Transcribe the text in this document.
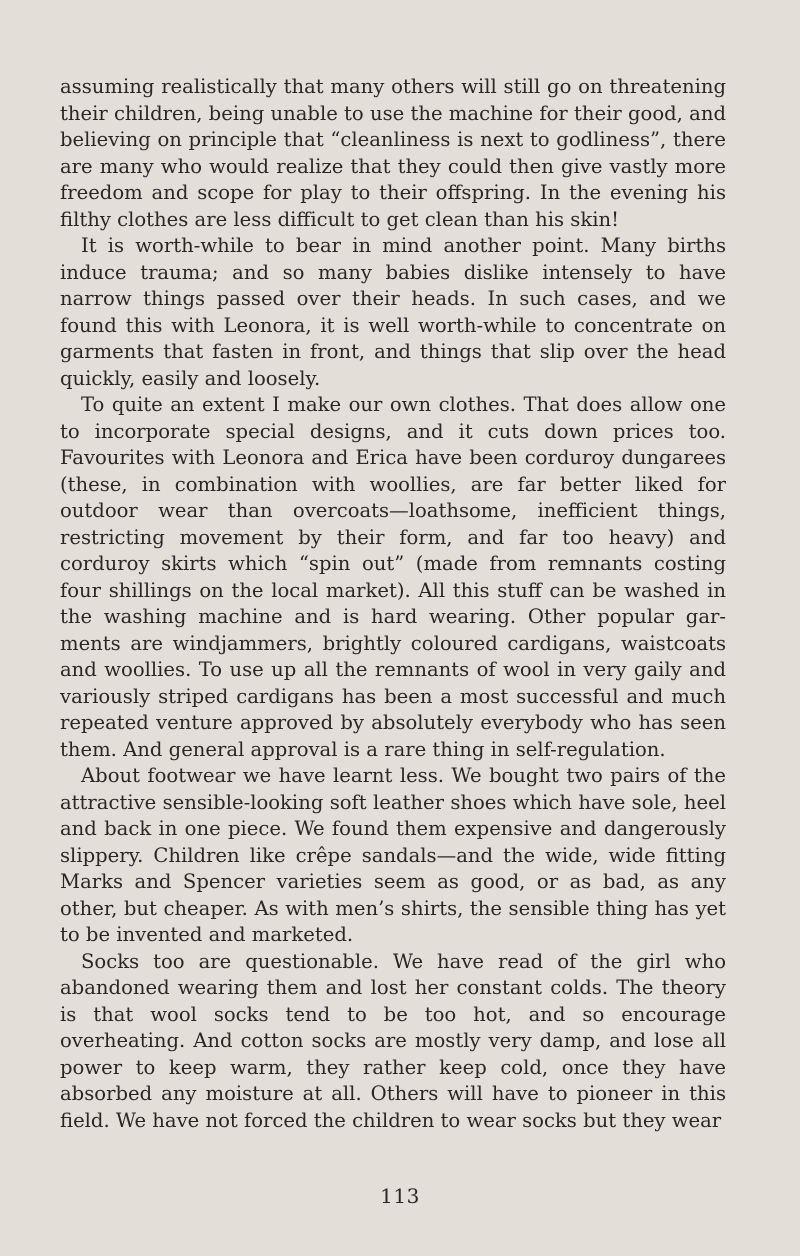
assuming realistically that many others will still go on threatening their children, being unable to use the machine for their good, and believing on principle that “cleanliness is next to godliness”, there are many who would realize that they could then give vastly more freedom and scope for play to their offspring. In the evening his filthy clothes are less difficult to get clean than his skin!

It is worth-while to bear in mind another point. Many births induce trauma; and so many babies dislike intensely to have narrow things passed over their heads. In such cases, and we found this with Leonora, it is well worth-while to concentrate on garments that fasten in front, and things that slip over the head quickly, easily and loosely.

To quite an extent I make our own clothes. That does allow one to incorporate special designs, and it cuts down prices too. Favourites with Leonora and Erica have been corduroy dungarees (these, in combination with woollies, are far better liked for outdoor wear than overcoats—loathsome, inefficient things, restricting movement by their form, and far too heavy) and corduroy skirts which “spin out” (made from remnants costing four shillings on the local market). All this stuff can be washed in the washing machine and is hard wearing. Other popular garments are windjammers, brightly coloured cardigans, waistcoats and woollies. To use up all the remnants of wool in very gaily and variously striped cardigans has been a most successful and much repeated venture approved by absolutely everybody who has seen them. And general approval is a rare thing in self-regulation.

About footwear we have learnt less. We bought two pairs of the attractive sensible-looking soft leather shoes which have sole, heel and back in one piece. We found them expensive and dangerously slippery. Children like crêpe sandals—and the wide, wide fitting Marks and Spencer varieties seem as good, or as bad, as any other, but cheaper. As with men’s shirts, the sensible thing has yet to be invented and marketed.

Socks too are questionable. We have read of the girl who abandoned wearing them and lost her constant colds. The theory is that wool socks tend to be too hot, and so encourage overheating. And cotton socks are mostly very damp, and lose all power to keep warm, they rather keep cold, once they have absorbed any moisture at all. Others will have to pioneer in this field. We have not forced the children to wear socks but they wear

113
